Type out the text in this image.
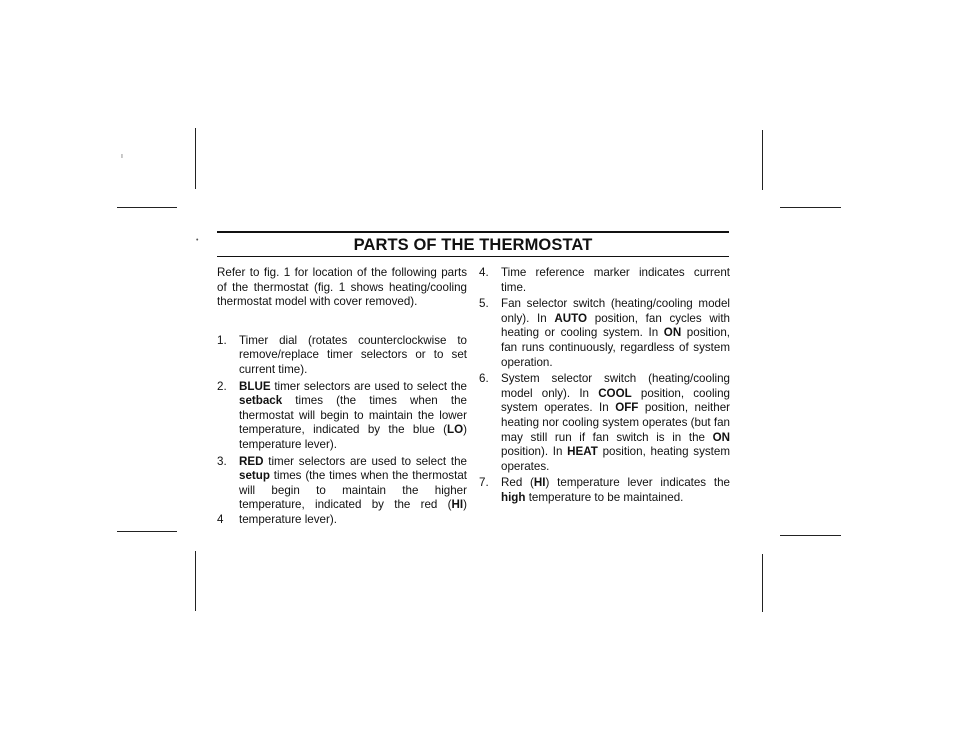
ı
•	PARTS OF THE THERMOSTAT

Refer to fig. 1 for location of the following parts of the thermostat (fig. 1 shows heating/cooling thermostat model with cover removed).

1. Timer dial (rotates counterclockwise to remove/replace timer selectors or to set current time).
2. BLUE timer selectors are used to select the setback times (the times when the thermostat will begin to maintain the lower temperature, indicated by the blue (LO) temperature lever).
3. RED timer selectors are used to select the setup times (the times when the thermostat will begin to maintain the higher temperature, indicated by the red (HI) temperature lever).
4
4. Time reference marker indicates current time.
5. Fan selector switch (heating/cooling model only). In AUTO position, fan cycles with heating or cooling system. In ON position, fan runs continuously, regardless of system operation.
6. System selector switch (heating/cooling model only). In COOL position, cooling system operates. In OFF position, neither heating nor cooling system operates (but fan may still run if fan switch is in the ON position). In HEAT position, heating system operates.
7. Red (HI) temperature lever indicates the high temperature to be maintained.
